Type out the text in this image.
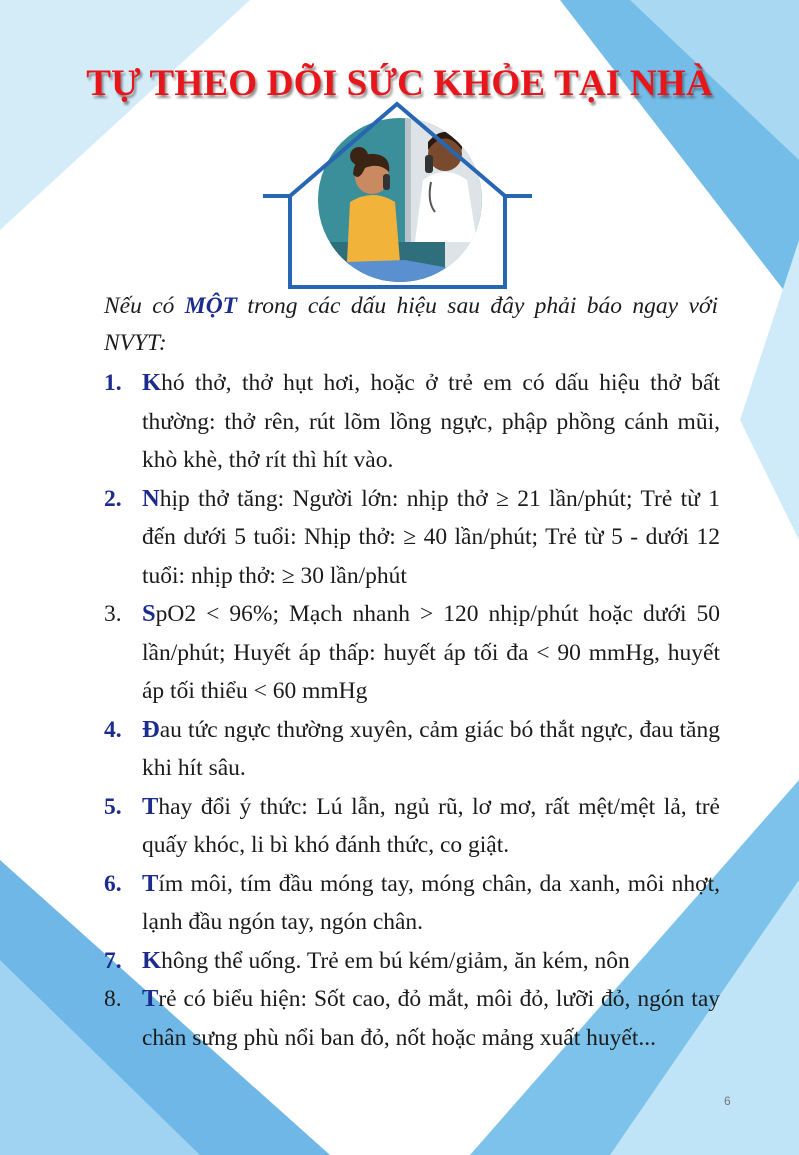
TỰ THEO DÕI SỨC KHỎE TẠI NHÀ

Nếu có MỘT trong các dấu hiệu sau đây phải báo ngay với NVYT:

1. Khó thở, thở hụt hơi, hoặc ở trẻ em có dấu hiệu thở bất thường: thở rên, rút lõm lồng ngực, phập phồng cánh mũi, khò khè, thở rít thì hít vào.
2. Nhịp thở tăng: Người lớn: nhịp thở ≥ 21 lần/phút; Trẻ từ 1 đến dưới 5 tuổi: Nhịp thở: ≥ 40 lần/phút; Trẻ từ 5 - dưới 12 tuổi: nhịp thở: ≥ 30 lần/phút
3. SpO2 < 96%; Mạch nhanh > 120 nhịp/phút hoặc dưới 50 lần/phút; Huyết áp thấp: huyết áp tối đa < 90 mmHg, huyết áp tối thiểu < 60 mmHg
4. Đau tức ngực thường xuyên, cảm giác bó thắt ngực, đau tăng khi hít sâu.
5. Thay đổi ý thức: Lú lẫn, ngủ rũ, lơ mơ, rất mệt/mệt lả, trẻ quấy khóc, li bì khó đánh thức, co giật.
6. Tím môi, tím đầu móng tay, móng chân, da xanh, môi nhợt, lạnh đầu ngón tay, ngón chân.
7. Không thể uống. Trẻ em bú kém/giảm, ăn kém, nôn
8. Trẻ có biểu hiện: Sốt cao, đỏ mắt, môi đỏ, lưỡi đỏ, ngón tay chân sưng phù nổi ban đỏ, nốt hoặc mảng xuất huyết...
6
